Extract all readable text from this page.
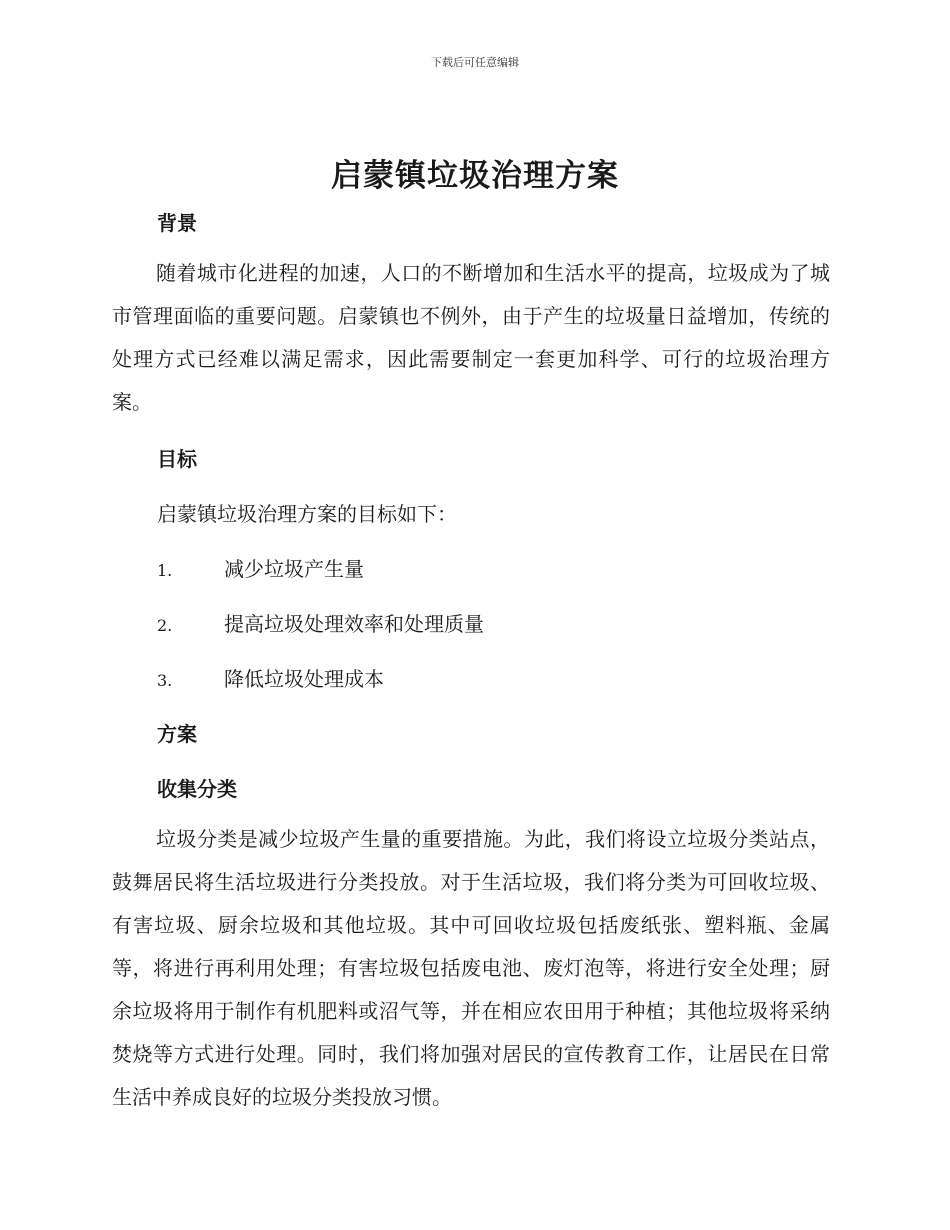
下载后可任意编辑
启蒙镇垃圾治理方案
背景

随着城市化进程的加速，人口的不断增加和生活水平的提高，垃圾成为了城市管理面临的重要问题。启蒙镇也不例外，由于产生的垃圾量日益增加，传统的处理方式已经难以满足需求，因此需要制定一套更加科学、可行的垃圾治理方案。

目标

启蒙镇垃圾治理方案的目标如下：

1.	减少垃圾产生量
2.	提高垃圾处理效率和处理质量
3.	降低垃圾处理成本
方案
收集分类

垃圾分类是减少垃圾产生量的重要措施。为此，我们将设立垃圾分类站点，鼓舞居民将生活垃圾进行分类投放。对于生活垃圾，我们将分类为可回收垃圾、有害垃圾、厨余垃圾和其他垃圾。其中可回收垃圾包括废纸张、塑料瓶、金属等，将进行再利用处理；有害垃圾包括废电池、废灯泡等，将进行安全处理；厨余垃圾将用于制作有机肥料或沼气等，并在相应农田用于种植；其他垃圾将采纳焚烧等方式进行处理。同时，我们将加强对居民的宣传教育工作，让居民在日常生活中养成良好的垃圾分类投放习惯。
